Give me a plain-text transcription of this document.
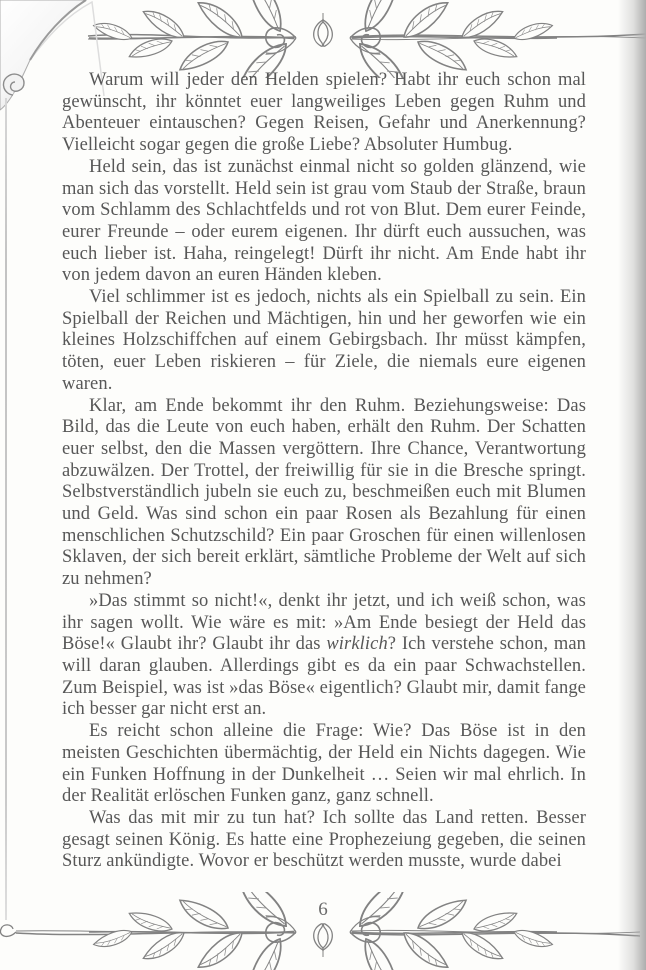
Warum will jeder den Helden spielen? Habt ihr euch schon mal gewünscht, ihr könntet euer langweiliges Leben gegen Ruhm und Abenteuer eintauschen? Gegen Reisen, Gefahr und Anerkennung? Vielleicht sogar gegen die große Liebe? Absoluter Humbug.

Held sein, das ist zunächst einmal nicht so golden glänzend, wie man sich das vorstellt. Held sein ist grau vom Staub der Straße, braun vom Schlamm des Schlachtfelds und rot von Blut. Dem eurer Feinde, eurer Freunde – oder eurem eigenen. Ihr dürft euch aussuchen, was euch lieber ist. Haha, reingelegt! Dürft ihr nicht. Am Ende habt ihr von jedem davon an euren Händen kleben.

Viel schlimmer ist es jedoch, nichts als ein Spielball zu sein. Ein Spielball der Reichen und Mächtigen, hin und her geworfen wie ein kleines Holzschiffchen auf einem Gebirgsbach. Ihr müsst kämpfen, töten, euer Leben riskieren – für Ziele, die niemals eure eigenen waren.

Klar, am Ende bekommt ihr den Ruhm. Beziehungsweise: Das Bild, das die Leute von euch haben, erhält den Ruhm. Der Schatten euer selbst, den die Massen vergöttern. Ihre Chance, Verantwortung abzuwälzen. Der Trottel, der freiwillig für sie in die Bresche springt. Selbstverständlich jubeln sie euch zu, beschmeißen euch mit Blumen und Geld. Was sind schon ein paar Rosen als Bezahlung für einen menschlichen Schutzschild? Ein paar Groschen für einen willenlosen Sklaven, der sich bereit erklärt, sämtliche Probleme der Welt auf sich zu nehmen?

»Das stimmt so nicht!«, denkt ihr jetzt, und ich weiß schon, was ihr sagen wollt. Wie wäre es mit: »Am Ende besiegt der Held das Böse!« Glaubt ihr? Glaubt ihr das wirklich? Ich verstehe schon, man will daran glauben. Allerdings gibt es da ein paar Schwachstellen. Zum Beispiel, was ist »das Böse« eigentlich? Glaubt mir, damit fange ich besser gar nicht erst an.

Es reicht schon alleine die Frage: Wie? Das Böse ist in den meisten Geschichten übermächtig, der Held ein Nichts dagegen. Wie ein Funken Hoffnung in der Dunkelheit … Seien wir mal ehrlich. In der Realität erlöschen Funken ganz, ganz schnell.

Was das mit mir zu tun hat? Ich sollte das Land retten. Besser gesagt seinen König. Es hatte eine Prophezeiung gegeben, die seinen Sturz ankündigte. Wovor er beschützt werden musste, wurde dabei

6
